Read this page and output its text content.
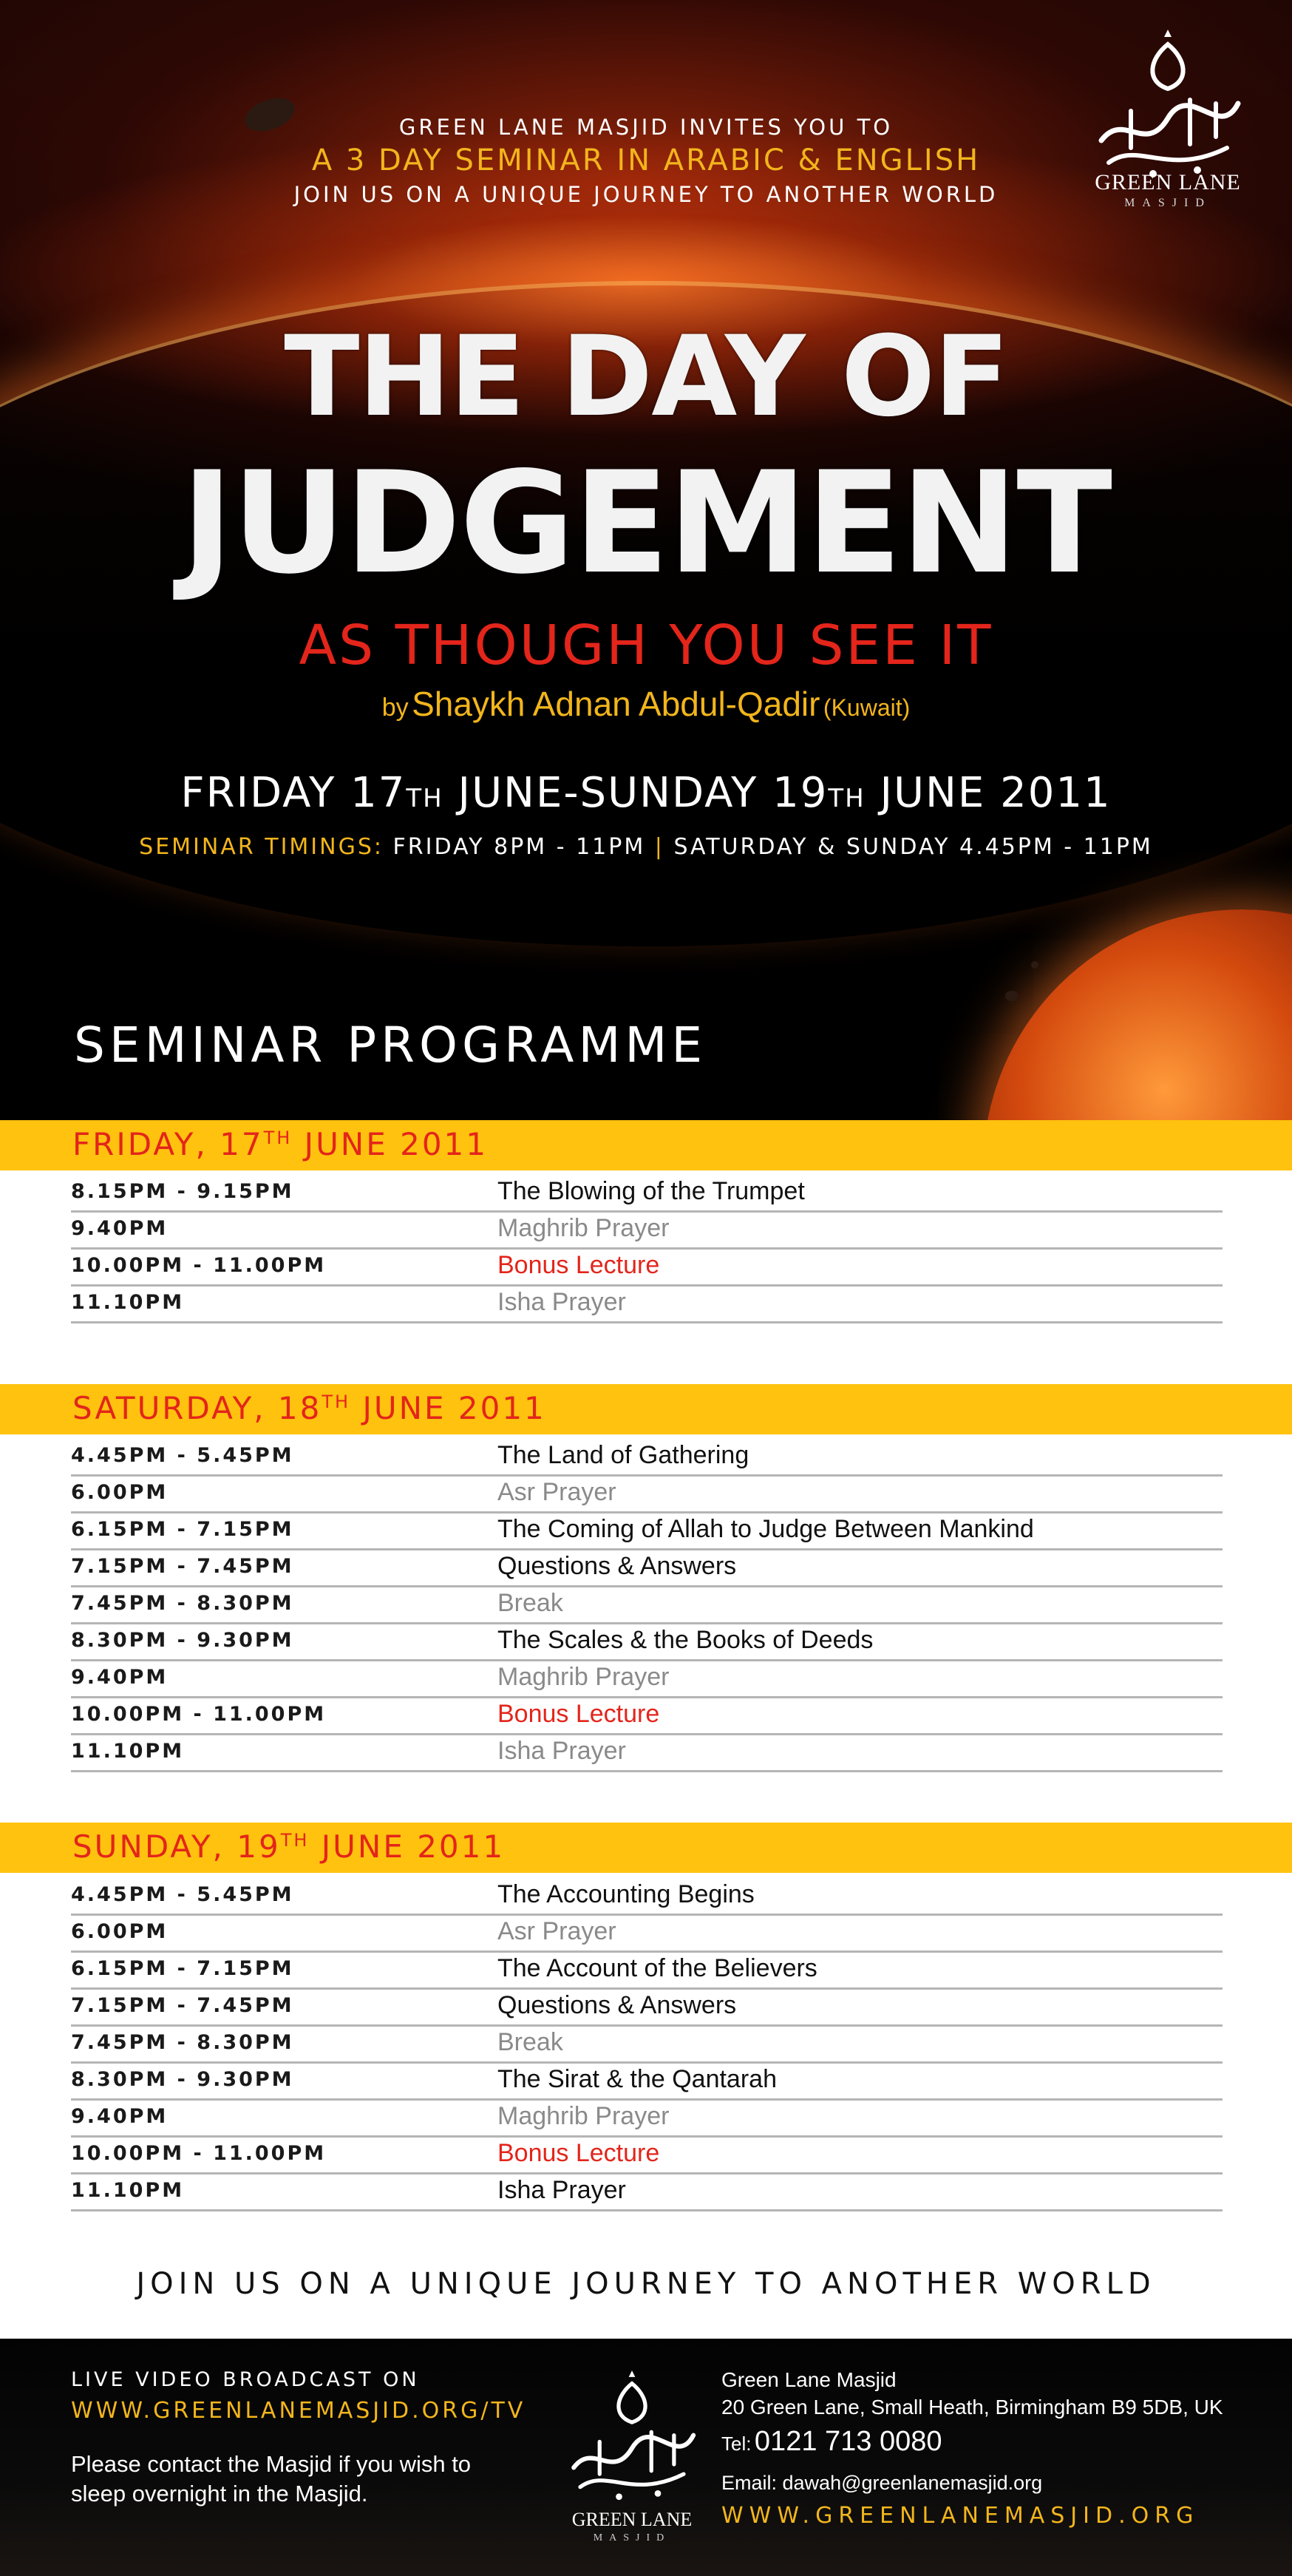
GREEN LANE
MASJID
GREEN LANE MASJID INVITES YOU TO
A 3 DAY SEMINAR IN ARABIC & ENGLISH
JOIN US ON A UNIQUE JOURNEY TO ANOTHER WORLD
THE DAY OF
JUDGEMENT
AS THOUGH YOU SEE IT
by Shaykh Adnan Abdul-Qadir (Kuwait)
FRIDAY 17TH JUNE-SUNDAY 19TH JUNE 2011
SEMINAR TIMINGS: FRIDAY 8PM - 11PM | SATURDAY & SUNDAY 4.45PM - 11PM
SEMINAR PROGRAMME
FRIDAY, 17TH JUNE 2011
8.15PM - 9.15PM	The Blowing of the Trumpet
9.40PM	Maghrib Prayer
10.00PM - 11.00PM	Bonus Lecture
11.10PM	Isha Prayer
SATURDAY, 18TH JUNE 2011
4.45PM - 5.45PM	The Land of Gathering
6.00PM	Asr Prayer
6.15PM - 7.15PM	The Coming of Allah to Judge Between Mankind
7.15PM - 7.45PM	Questions & Answers
7.45PM - 8.30PM	Break
8.30PM - 9.30PM	The Scales & the Books of Deeds
9.40PM	Maghrib Prayer
10.00PM - 11.00PM	Bonus Lecture
11.10PM	Isha Prayer
SUNDAY, 19TH JUNE 2011
4.45PM - 5.45PM	The Accounting Begins
6.00PM	Asr Prayer
6.15PM - 7.15PM	The Account of the Believers
7.15PM - 7.45PM	Questions & Answers
7.45PM - 8.30PM	Break
8.30PM - 9.30PM	The Sirat & the Qantarah
9.40PM	Maghrib Prayer
10.00PM - 11.00PM	Bonus Lecture
11.10PM	Isha Prayer
JOIN US ON A UNIQUE JOURNEY TO ANOTHER WORLD
LIVE VIDEO BROADCAST ON
WWW.GREENLANEMASJID.ORG/TV
Please contact the Masjid if you wish to sleep overnight in the Masjid.
GREEN LANE
MASJID
Green Lane Masjid
20 Green Lane, Small Heath, Birmingham B9 5DB, UK
Tel: 0121 713 0080
Email: dawah@greenlanemasjid.org
WWW.GREENLANEMASJID.ORG
